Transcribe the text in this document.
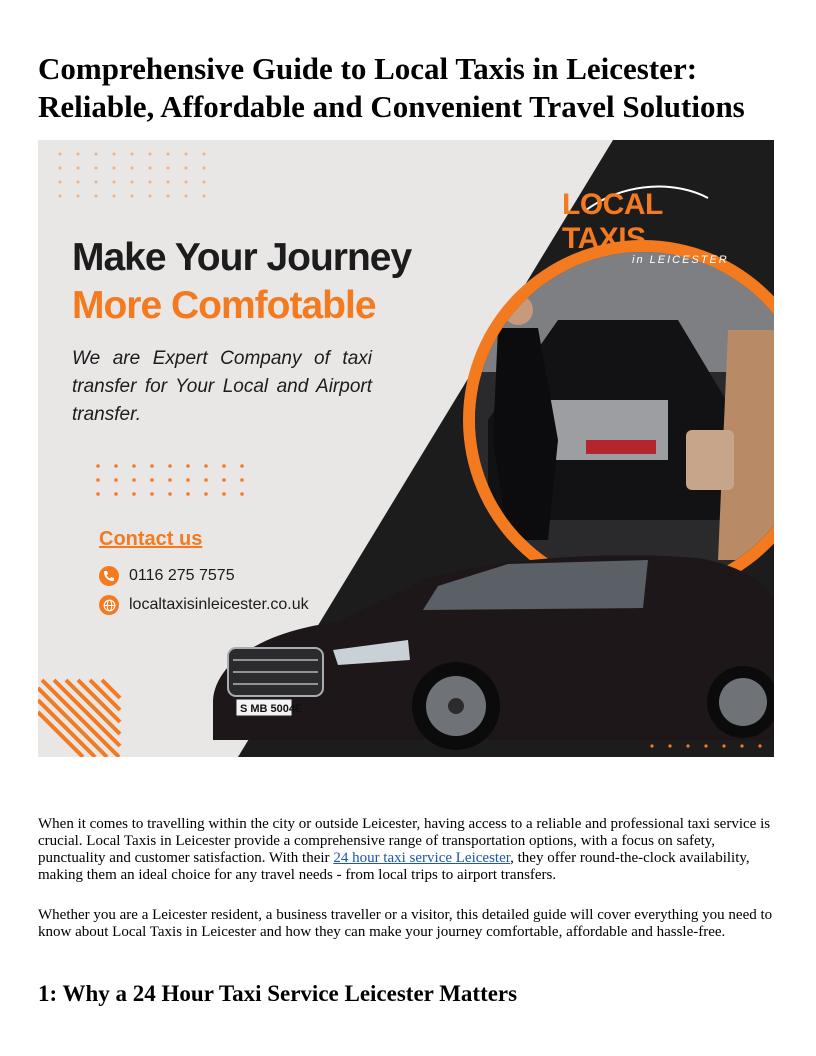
Comprehensive Guide to Local Taxis in Leicester:
Reliable, Affordable and Convenient Travel Solutions
S MB 5004E
LOCAL TAXIS
in LEICESTER
Make Your Journey
More Comfotable
We are Expert Company of taxi transfer for Your Local and Airport transfer.
Contact us
0116 275 7575
localtaxisinleicester.co.uk

When it comes to travelling within the city or outside Leicester, having access to a reliable and professional taxi service is crucial. Local Taxis in Leicester provide a comprehensive range of transportation options, with a focus on safety, punctuality and customer satisfaction. With their 24 hour taxi service Leicester, they offer round-the-clock availability, making them an ideal choice for any travel needs - from local trips to airport transfers.

Whether you are a Leicester resident, a business traveller or a visitor, this detailed guide will cover everything you need to know about Local Taxis in Leicester and how they can make your journey comfortable, affordable and hassle-free.

1: Why a 24 Hour Taxi Service Leicester Matters
